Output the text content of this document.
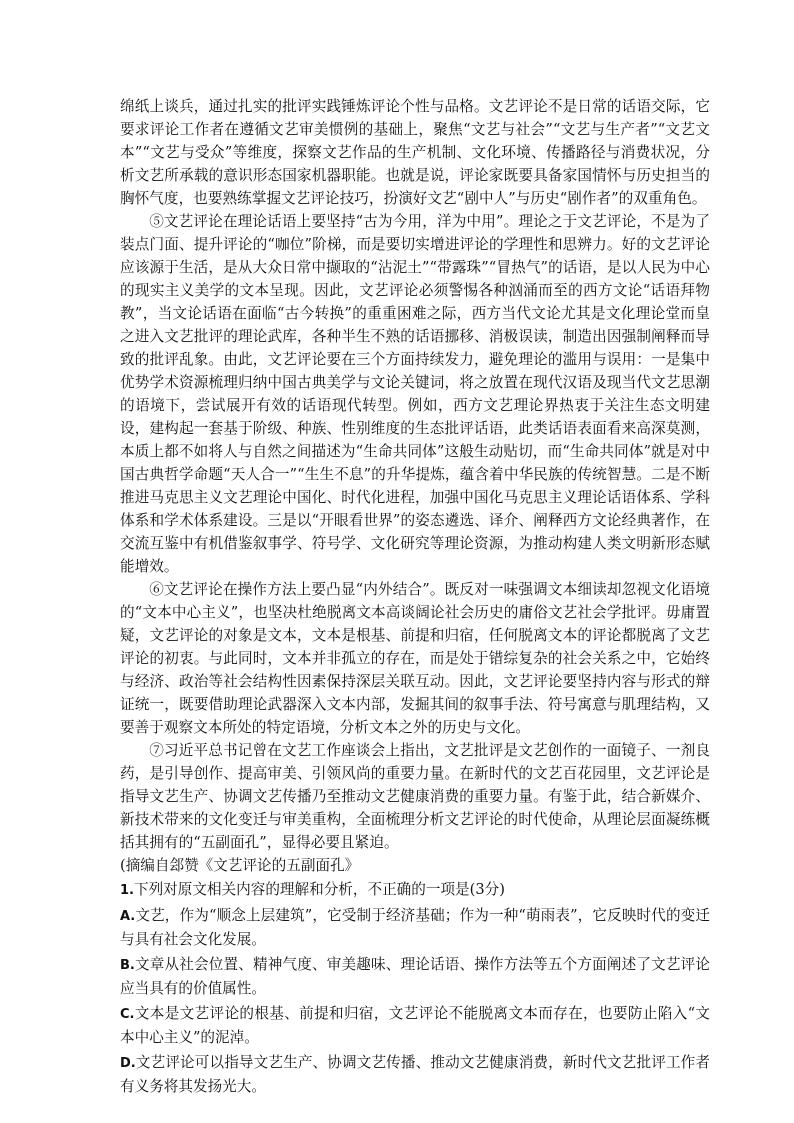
绵纸上谈兵，通过扎实的批评实践锤炼评论个性与品格。文艺评论不是日常的话语交际，它要求评论工作者在遵循文艺审美惯例的基础上，聚焦“文艺与社会”“文艺与生产者”“文艺文本”“文艺与受众”等维度，探察文艺作品的生产机制、文化环境、传播路径与消费状况，分析文艺所承载的意识形态国家机器职能。也就是说，评论家既要具备家国情怀与历史担当的胸怀气度，也要熟练掌握文艺评论技巧，扮演好文艺“剧中人”与历史“剧作者”的双重角色。

⑤文艺评论在理论话语上要坚持“古为今用，洋为中用”。理论之于文艺评论，不是为了装点门面、提升评论的“咖位”阶梯，而是要切实增进评论的学理性和思辨力。好的文艺评论应该源于生活，是从大众日常中撷取的“沾泥土”“带露珠”“冒热气”的话语，是以人民为中心的现实主义美学的文本呈现。因此，文艺评论必须警惕各种汹涌而至的西方文论“话语拜物教”，当文论话语在面临“古今转换”的重重困难之际，西方当代文论尤其是文化理论堂而皇之进入文艺批评的理论武库，各种半生不熟的话语挪移、消极误读，制造出因强制阐释而导致的批评乱象。由此，文艺评论要在三个方面持续发力，避免理论的滥用与误用：一是集中优势学术资源梳理归纳中国古典美学与文论关键词，将之放置在现代汉语及现当代文艺思潮的语境下，尝试展开有效的话语现代转型。例如，西方文艺理论界热衷于关注生态文明建设，建构起一套基于阶级、种族、性别维度的生态批评话语，此类话语表面看来高深莫测，本质上都不如将人与自然之间描述为“生命共同体”这般生动贴切，而“生命共同体”就是对中国古典哲学命题“天人合一”“生生不息”的升华提炼，蕴含着中华民族的传统智慧。二是不断推进马克思主义文艺理论中国化、时代化进程，加强中国化马克思主义理论话语体系、学科体系和学术体系建设。三是以“开眼看世界”的姿态遴选、译介、阐释西方文论经典著作，在交流互鉴中有机借鉴叙事学、符号学、文化研究等理论资源，为推动构建人类文明新形态赋能增效。

⑥文艺评论在操作方法上要凸显“内外结合”。既反对一味强调文本细读却忽视文化语境的“文本中心主义”，也坚决杜绝脱离文本高谈阔论社会历史的庸俗文艺社会学批评。毋庸置疑，文艺评论的对象是文本，文本是根基、前提和归宿，任何脱离文本的评论都脱离了文艺评论的初衷。与此同时，文本并非孤立的存在，而是处于错综复杂的社会关系之中，它始终与经济、政治等社会结构性因素保持深层关联互动。因此，文艺评论要坚持内容与形式的辩证统一，既要借助理论武器深入文本内部，发掘其间的叙事手法、符号寓意与肌理结构，又要善于观察文本所处的特定语境，分析文本之外的历史与文化。

⑦习近平总书记曾在文艺工作座谈会上指出，文艺批评是文艺创作的一面镜子、一剂良药，是引导创作、提高审美、引领风尚的重要力量。在新时代的文艺百花园里，文艺评论是指导文艺生产、协调文艺传播乃至推动文艺健康消费的重要力量。有鉴于此，结合新媒介、新技术带来的文化变迁与审美重构，全面梳理分析文艺评论的时代使命，从理论层面凝练概括其拥有的“五副面孔”，显得必要且紧迫。

(摘编自郐赞《文艺评论的五副面孔》

1.下列对原文相关内容的理解和分析，不正确的一项是(3分)

A.文艺，作为“顺念上层建筑”，它受制于经济基础；作为一种“萌雨表”，它反映时代的变迁与具有社会文化发展。

B.文章从社会位置、精神气度、审美趣味、理论话语、操作方法等五个方面阐述了文艺评论应当具有的价值属性。

C.文本是文艺评论的根基、前提和归宿，文艺评论不能脱离文本而存在，也要防止陷入“文本中心主义”的泥淖。

D.文艺评论可以指导文艺生产、协调文艺传播、推动文艺健康消费，新时代文艺批评工作者有义务将其发扬光大。
